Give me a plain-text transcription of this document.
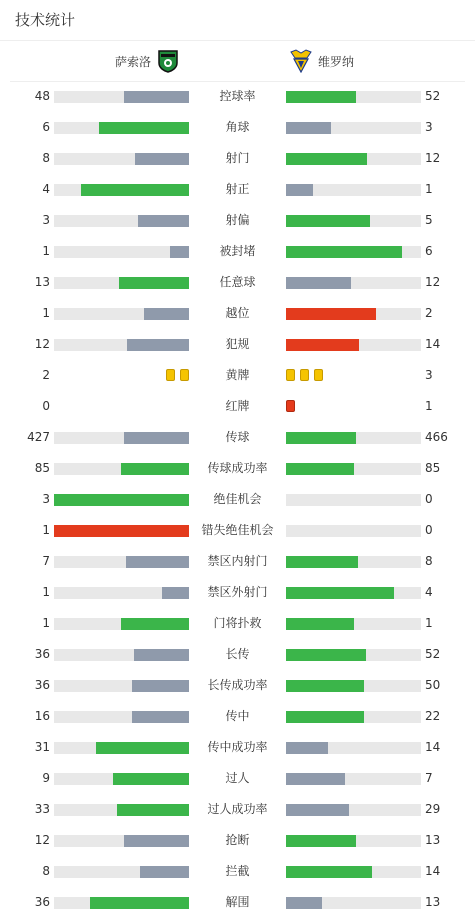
技术统计
萨索洛	维罗纳
48	控球率	52
6	角球	3
8	射门	12
4	射正	1
3	射偏	5
1	被封堵	6
13	任意球	12
1	越位	2
12	犯规	14
2	黄牌	3
0	红牌	1
427	传球	466
85	传球成功率	85
3	绝佳机会	0
1	错失绝佳机会	0
7	禁区内射门	8
1	禁区外射门	4
1	门将扑救	1
36	长传	52
36	长传成功率	50
16	传中	22
31	传中成功率	14
9	过人	7
33	过人成功率	29
12	抢断	13
8	拦截	14
36	解围	13
